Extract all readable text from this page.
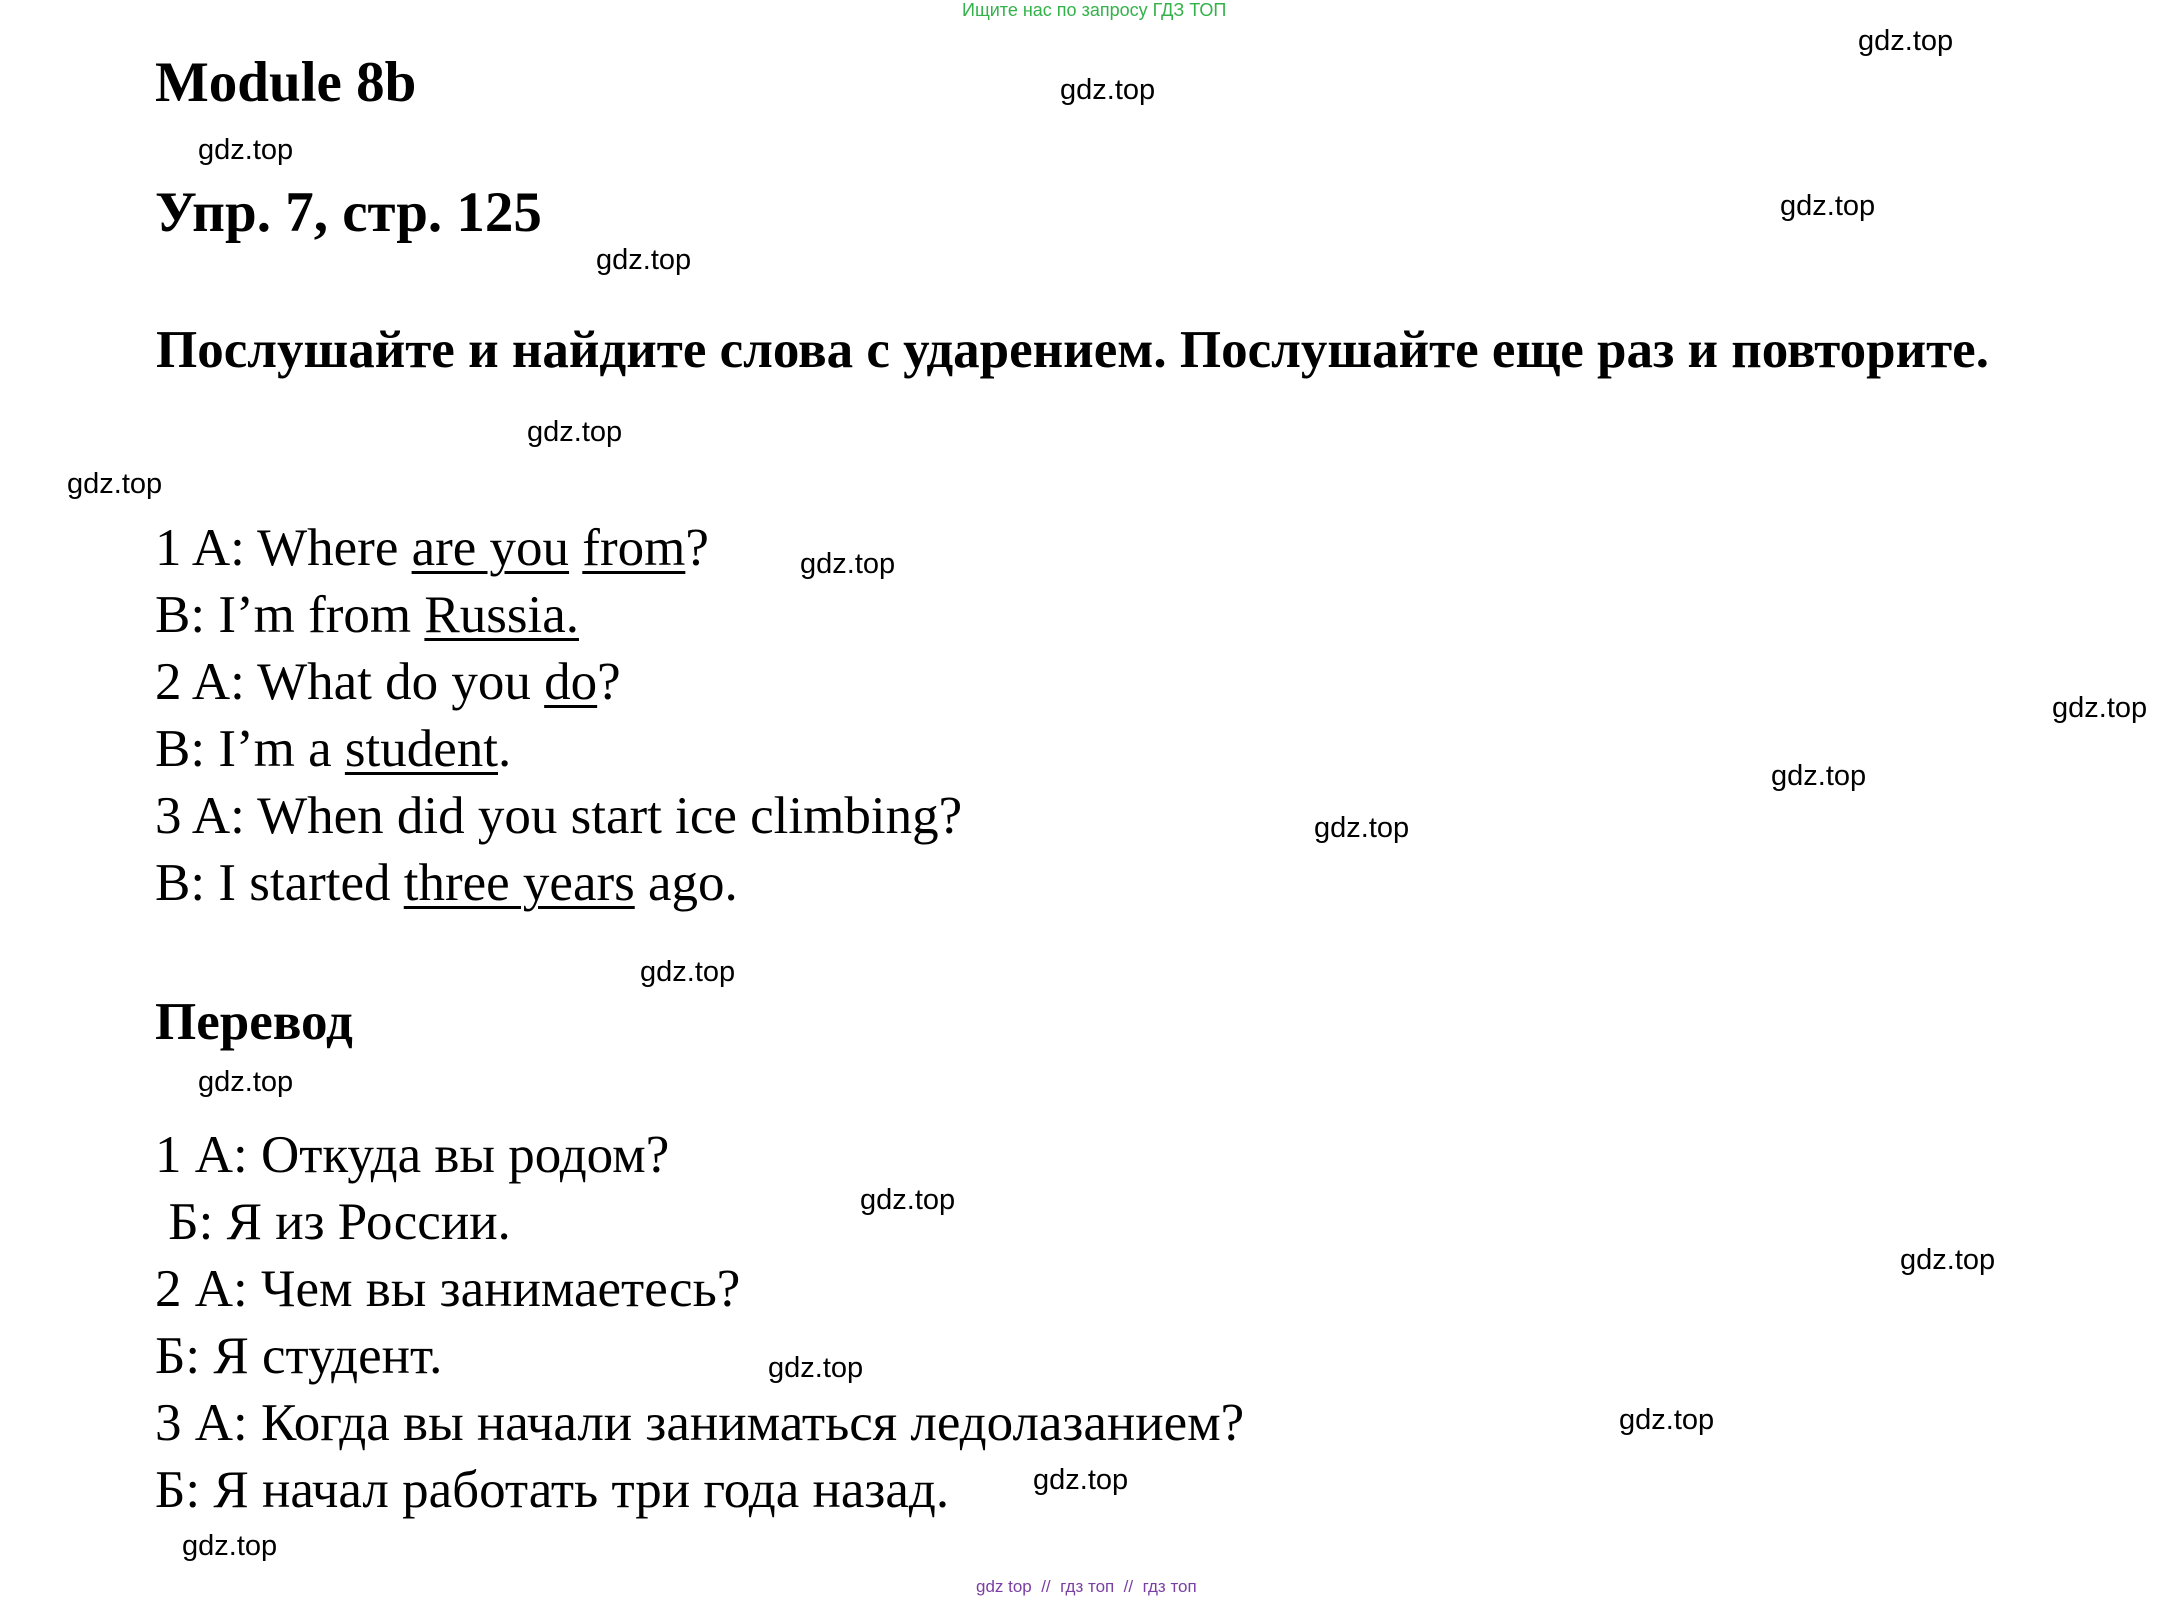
Ищите нас по запросу ГДЗ ТОП
Module 8b
Упр. 7, стр. 125

Послушайте и найдите слова с ударением. Послушайте еще раз и повторите.

1 A: Where are you from?
B: I’m from Russia.
2 A: What do you do?
B: I’m a student.
3 A: When did you start ice climbing?
B: I started three years ago.
Перевод
1 А: Откуда вы родом?
Б: Я из России.
2 А: Чем вы занимаетесь?
Б: Я студент.
3 А: Когда вы начали заниматься ледолазанием?
Б: Я начал работать три года назад.
gdz.top
gdz.top
gdz.top
gdz.top
gdz.top
gdz.top
gdz.top
gdz.top
gdz.top
gdz.top
gdz.top
gdz.top
gdz.top
gdz.top
gdz.top
gdz.top
gdz.top
gdz.top
gdz.top
gdz top  //  гдз топ  //  гдз топ
